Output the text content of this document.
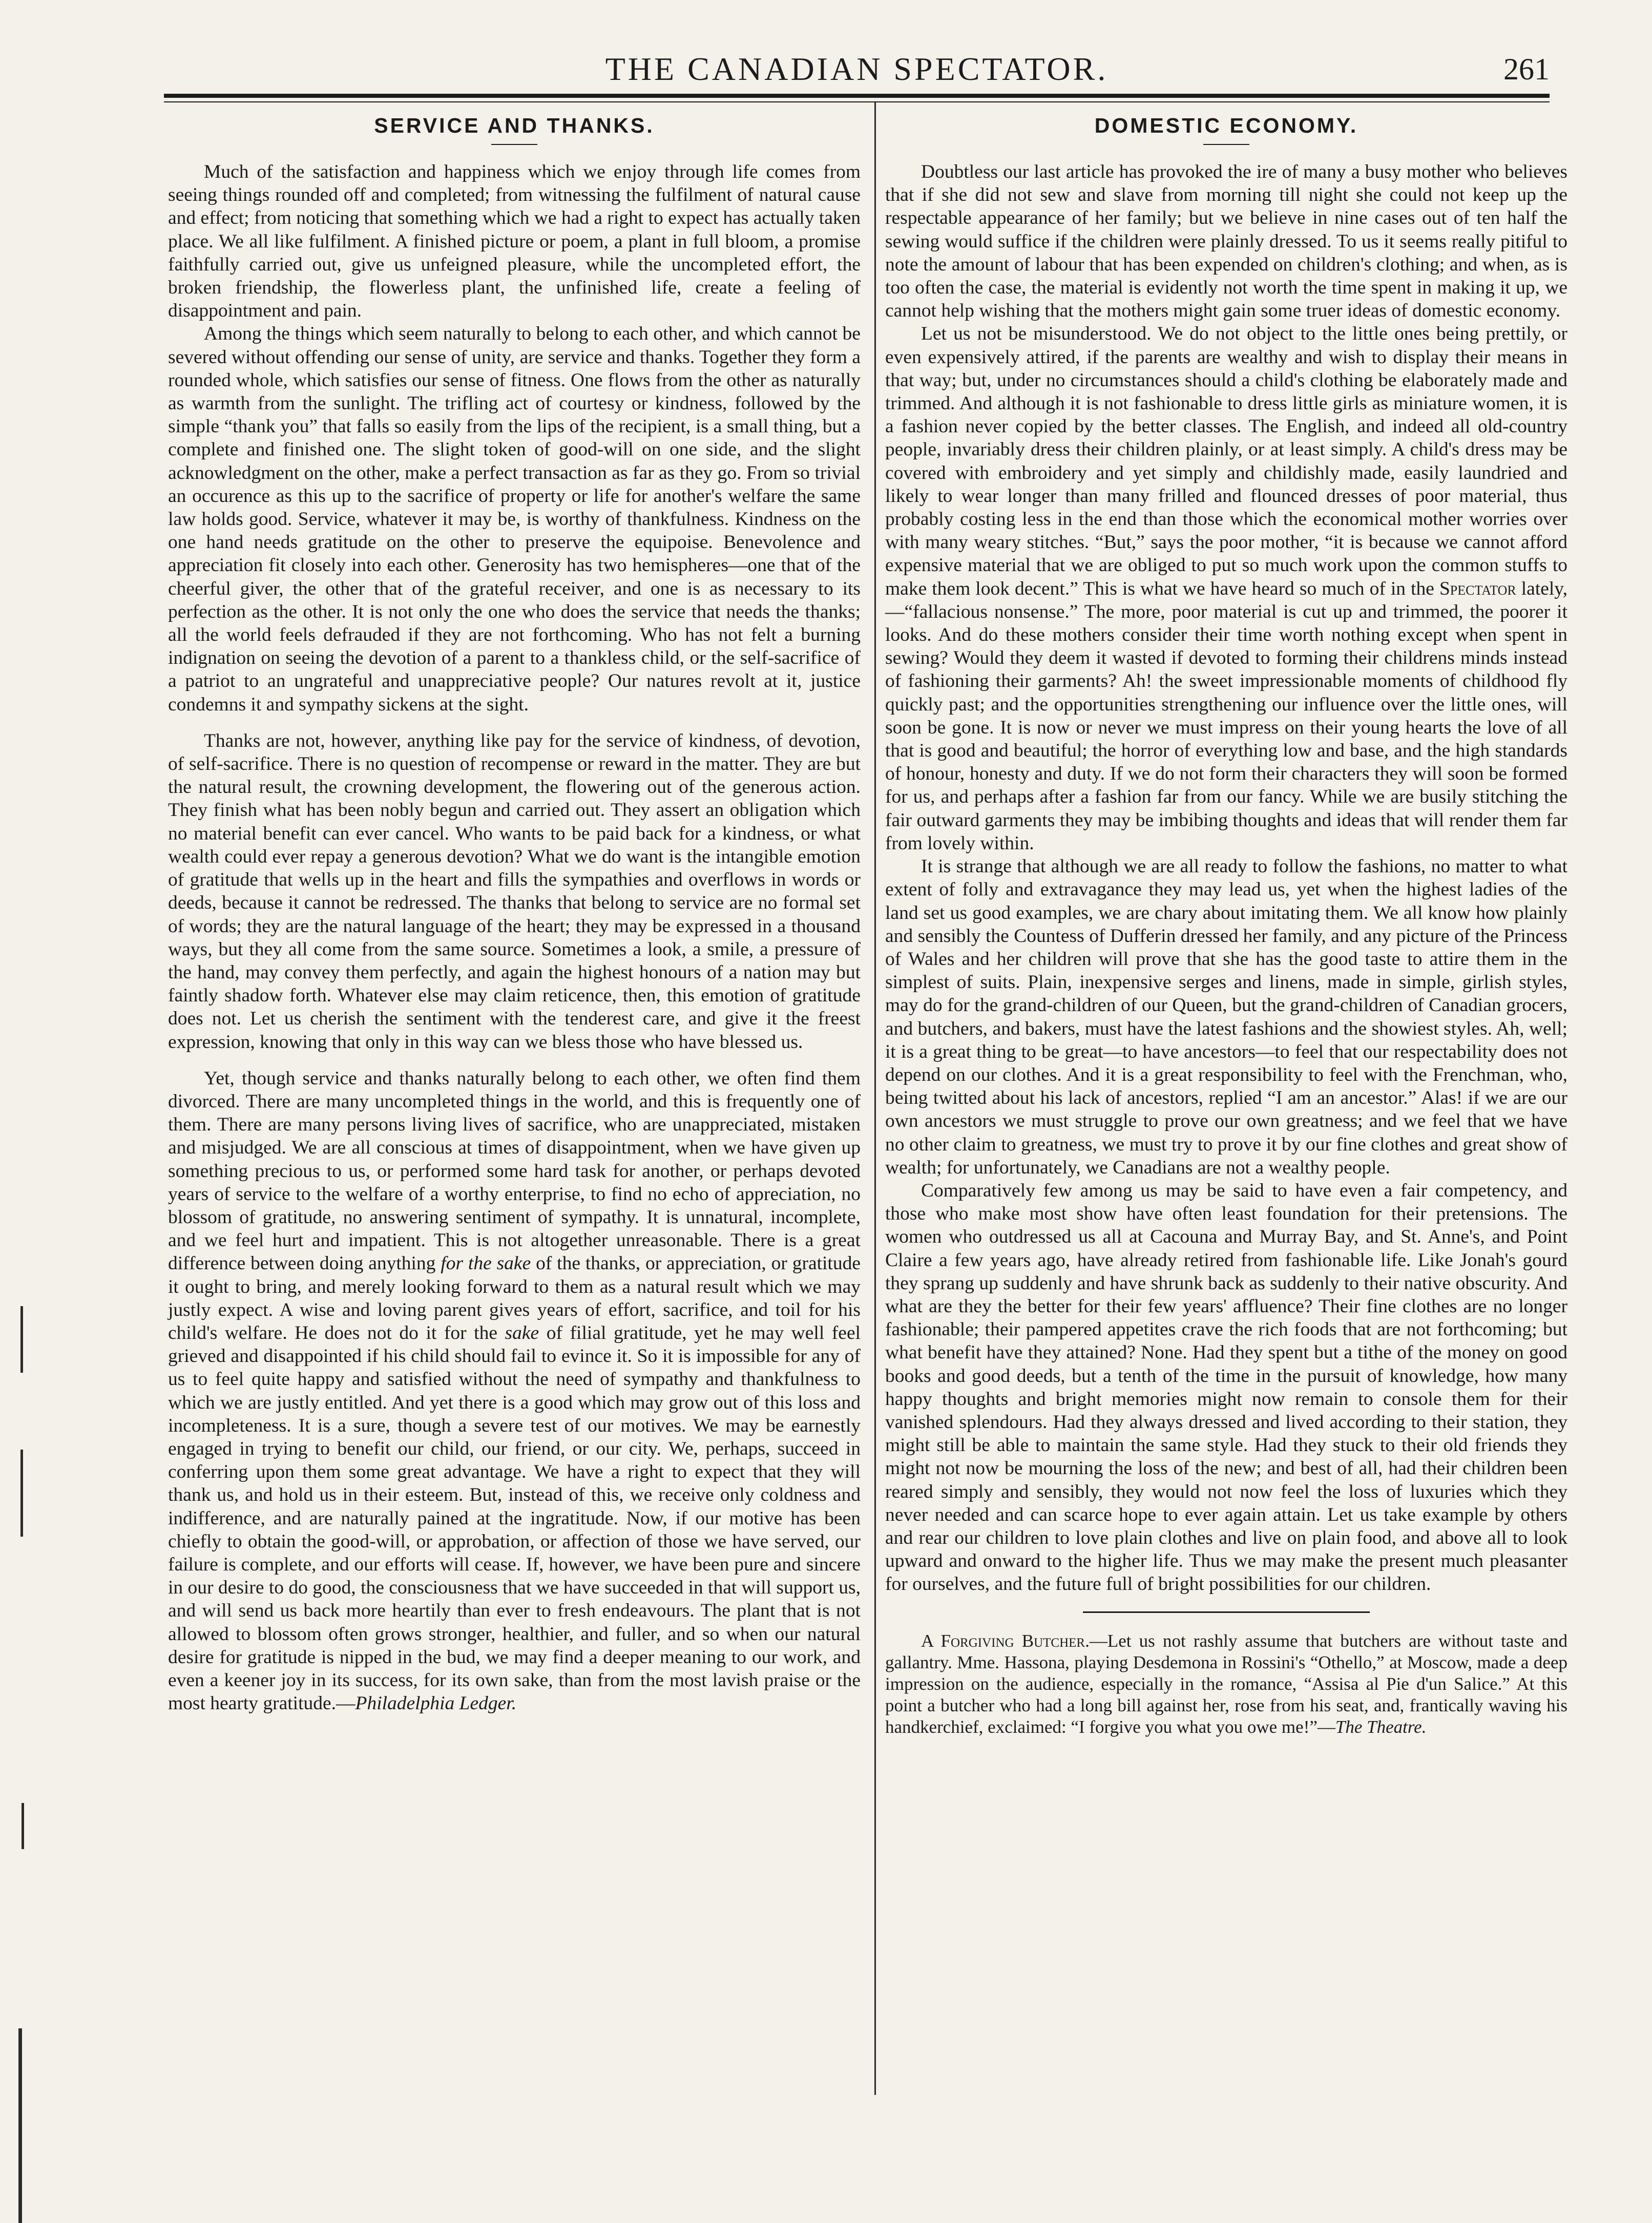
THE CANADIAN SPECTATOR.	261
SERVICE AND THANKS.

Much of the satisfaction and happiness which we enjoy through life comes from seeing things rounded off and completed; from witnessing the fulfilment of natural cause and effect; from noticing that something which we had a right to expect has actually taken place. We all like fulfilment. A finished picture or poem, a plant in full bloom, a promise faithfully carried out, give us unfeigned pleasure, while the uncompleted effort, the broken friendship, the flowerless plant, the unfinished life, create a feeling of disappointment and pain.

Among the things which seem naturally to belong to each other, and which cannot be severed without offending our sense of unity, are service and thanks. Together they form a rounded whole, which satisfies our sense of fitness. One flows from the other as naturally as warmth from the sunlight. The trifling act of courtesy or kindness, followed by the simple “thank you” that falls so easily from the lips of the recipient, is a small thing, but a complete and finished one. The slight token of good-will on one side, and the slight acknowledgment on the other, make a perfect transaction as far as they go. From so trivial an occurence as this up to the sacrifice of property or life for another's welfare the same law holds good. Service, whatever it may be, is worthy of thankfulness. Kindness on the one hand needs gratitude on the other to preserve the equipoise. Benevolence and appreciation fit closely into each other. Generosity has two hemispheres—one that of the cheerful giver, the other that of the grateful receiver, and one is as necessary to its perfection as the other. It is not only the one who does the service that needs the thanks; all the world feels defrauded if they are not forthcoming. Who has not felt a burning indignation on seeing the devotion of a parent to a thankless child, or the self-sacrifice of a patriot to an ungrateful and unappreciative people? Our natures revolt at it, justice condemns it and sympathy sickens at the sight.

Thanks are not, however, anything like pay for the service of kindness, of devotion, of self-sacrifice. There is no question of recompense or reward in the matter. They are but the natural result, the crowning development, the flowering out of the generous action. They finish what has been nobly begun and carried out. They assert an obligation which no material benefit can ever cancel. Who wants to be paid back for a kindness, or what wealth could ever repay a generous devotion? What we do want is the intangible emotion of gratitude that wells up in the heart and fills the sympathies and overflows in words or deeds, because it cannot be redressed. The thanks that belong to service are no formal set of words; they are the natural language of the heart; they may be expressed in a thousand ways, but they all come from the same source. Sometimes a look, a smile, a pressure of the hand, may convey them perfectly, and again the highest honours of a nation may but faintly shadow forth. Whatever else may claim reticence, then, this emotion of gratitude does not. Let us cherish the sentiment with the tenderest care, and give it the freest expression, knowing that only in this way can we bless those who have blessed us.

Yet, though service and thanks naturally belong to each other, we often find them divorced. There are many uncompleted things in the world, and this is frequently one of them. There are many persons living lives of sacrifice, who are unappreciated, mistaken and misjudged. We are all conscious at times of disappointment, when we have given up something precious to us, or performed some hard task for another, or perhaps devoted years of service to the welfare of a worthy enterprise, to find no echo of appreciation, no blossom of gratitude, no answering sentiment of sympathy. It is unnatural, incomplete, and we feel hurt and impatient. This is not altogether unreasonable. There is a great difference between doing anything for the sake of the thanks, or appreciation, or gratitude it ought to bring, and merely looking forward to them as a natural result which we may justly expect. A wise and loving parent gives years of effort, sacrifice, and toil for his child's welfare. He does not do it for the sake of filial gratitude, yet he may well feel grieved and disappointed if his child should fail to evince it. So it is impossible for any of us to feel quite happy and satisfied without the need of sympathy and thankfulness to which we are justly entitled. And yet there is a good which may grow out of this loss and incompleteness. It is a sure, though a severe test of our motives. We may be earnestly engaged in trying to benefit our child, our friend, or our city. We, perhaps, succeed in conferring upon them some great advantage. We have a right to expect that they will thank us, and hold us in their esteem. But, instead of this, we receive only coldness and indifference, and are naturally pained at the ingratitude. Now, if our motive has been chiefly to obtain the good-will, or approbation, or affection of those we have served, our failure is complete, and our efforts will cease. If, however, we have been pure and sincere in our desire to do good, the consciousness that we have succeeded in that will support us, and will send us back more heartily than ever to fresh endeavours. The plant that is not allowed to blossom often grows stronger, healthier, and fuller, and so when our natural desire for gratitude is nipped in the bud, we may find a deeper meaning to our work, and even a keener joy in its success, for its own sake, than from the most lavish praise or the most hearty gratitude.—Philadelphia Ledger.

DOMESTIC ECONOMY.

Doubtless our last article has provoked the ire of many a busy mother who believes that if she did not sew and slave from morning till night she could not keep up the respectable appearance of her family; but we believe in nine cases out of ten half the sewing would suffice if the children were plainly dressed. To us it seems really pitiful to note the amount of labour that has been expended on children's clothing; and when, as is too often the case, the material is evidently not worth the time spent in making it up, we cannot help wishing that the mothers might gain some truer ideas of domestic economy.

Let us not be misunderstood. We do not object to the little ones being prettily, or even expensively attired, if the parents are wealthy and wish to display their means in that way; but, under no circumstances should a child's clothing be elaborately made and trimmed. And although it is not fashionable to dress little girls as miniature women, it is a fashion never copied by the better classes. The English, and indeed all old-country people, invariably dress their children plainly, or at least simply. A child's dress may be covered with embroidery and yet simply and childishly made, easily laundried and likely to wear longer than many frilled and flounced dresses of poor material, thus probably costing less in the end than those which the economical mother worries over with many weary stitches. “But,” says the poor mother, “it is because we cannot afford expensive material that we are obliged to put so much work upon the common stuffs to make them look decent.” This is what we have heard so much of in the Spectator lately, —“fallacious nonsense.” The more, poor material is cut up and trimmed, the poorer it looks. And do these mothers consider their time worth nothing except when spent in sewing? Would they deem it wasted if devoted to forming their childrens minds instead of fashioning their garments? Ah! the sweet impressionable moments of childhood fly quickly past; and the opportunities strengthening our influence over the little ones, will soon be gone. It is now or never we must impress on their young hearts the love of all that is good and beautiful; the horror of everything low and base, and the high standards of honour, honesty and duty. If we do not form their characters they will soon be formed for us, and perhaps after a fashion far from our fancy. While we are busily stitching the fair outward garments they may be imbibing thoughts and ideas that will render them far from lovely within.

It is strange that although we are all ready to follow the fashions, no matter to what extent of folly and extravagance they may lead us, yet when the highest ladies of the land set us good examples, we are chary about imitating them. We all know how plainly and sensibly the Countess of Dufferin dressed her family, and any picture of the Princess of Wales and her children will prove that she has the good taste to attire them in the simplest of suits. Plain, inexpensive serges and linens, made in simple, girlish styles, may do for the grand-children of our Queen, but the grand-children of Canadian grocers, and butchers, and bakers, must have the latest fashions and the showiest styles. Ah, well; it is a great thing to be great—to have ancestors—to feel that our respectability does not depend on our clothes. And it is a great responsibility to feel with the Frenchman, who, being twitted about his lack of ancestors, replied “I am an ancestor.” Alas! if we are our own ancestors we must struggle to prove our own greatness; and we feel that we have no other claim to greatness, we must try to prove it by our fine clothes and great show of wealth; for unfortunately, we Canadians are not a wealthy people.

Comparatively few among us may be said to have even a fair competency, and those who make most show have often least foundation for their pretensions. The women who outdressed us all at Cacouna and Murray Bay, and St. Anne's, and Point Claire a few years ago, have already retired from fashionable life. Like Jonah's gourd they sprang up suddenly and have shrunk back as suddenly to their native obscurity. And what are they the better for their few years' affluence? Their fine clothes are no longer fashionable; their pampered appetites crave the rich foods that are not forthcoming; but what benefit have they attained? None. Had they spent but a tithe of the money on good books and good deeds, but a tenth of the time in the pursuit of knowledge, how many happy thoughts and bright memories might now remain to console them for their vanished splendours. Had they always dressed and lived according to their station, they might still be able to maintain the same style. Had they stuck to their old friends they might not now be mourning the loss of the new; and best of all, had their children been reared simply and sensibly, they would not now feel the loss of luxuries which they never needed and can scarce hope to ever again attain. Let us take example by others and rear our children to love plain clothes and live on plain food, and above all to look upward and onward to the higher life. Thus we may make the present much pleasanter for ourselves, and the future full of bright possibilities for our children.

A Forgiving Butcher.—Let us not rashly assume that butchers are without taste and gallantry. Mme. Hassona, playing Desdemona in Rossini's “Othello,” at Moscow, made a deep impression on the audience, especially in the romance, “Assisa al Pie d'un Salice.” At this point a butcher who had a long bill against her, rose from his seat, and, frantically waving his handkerchief, exclaimed: “I forgive you what you owe me!”—The Theatre.
